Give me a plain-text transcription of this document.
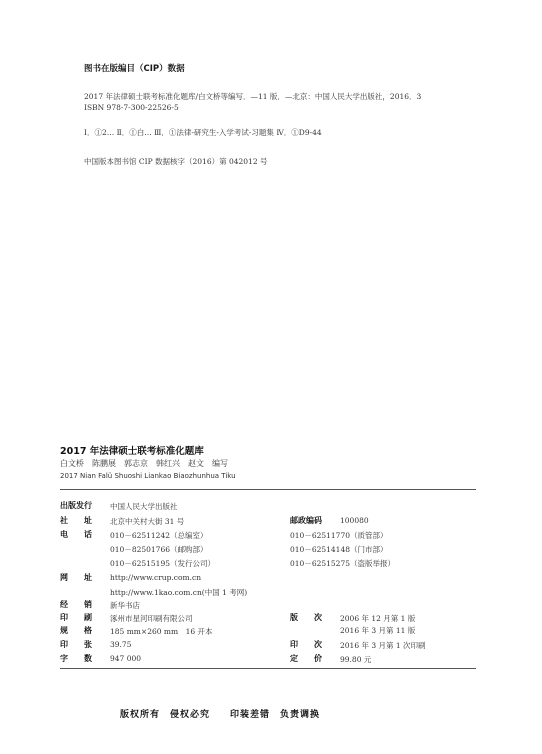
图书在版编目（CIP）数据
2017 年法律硕士联考标准化题库/白文桥等编写．—11 版．—北京：中国人民大学出版社，2016．3
ISBN 978-7-300-22526-5
Ⅰ．①2… Ⅱ．①白… Ⅲ．①法律-研究生-入学考试-习题集 Ⅳ．①D9-44
中国版本图书馆 CIP 数据核字（2016）第 042012 号
2017 年法律硕士联考标准化题库
白文桥　陈鹏展　郭志京　韩红兴　赵文　编写
2017 Nian Falü Shuoshi Liankao Biaozhunhua Tiku
出版发行 中国人民大学出版社
社　　址 北京中关村大街 31 号	邮政编码 100080
电　　话 010－62511242（总编室）	010－62511770（质管部）
010－82501766（邮购部）	010－62514148（门市部）
010－62515195（发行公司）	010－62515275（盗版举报）
网　　址 http://www.crup.com.cn
http://www.1kao.com.cn(中国 1 考网)
经　　销 新华书店
印　　刷 涿州市星河印刷有限公司	版　　次 2006 年 12 月第 1 版
2016 年 3 月第 11 版
规　　格 185 mm×260 mm　16 开本
印　　张 39.75	印　　次 2016 年 3 月第 1 次印刷
字　　数 947 000	定　　价 99.80 元
版权所有　侵权必究　　印装差错　负责调换
